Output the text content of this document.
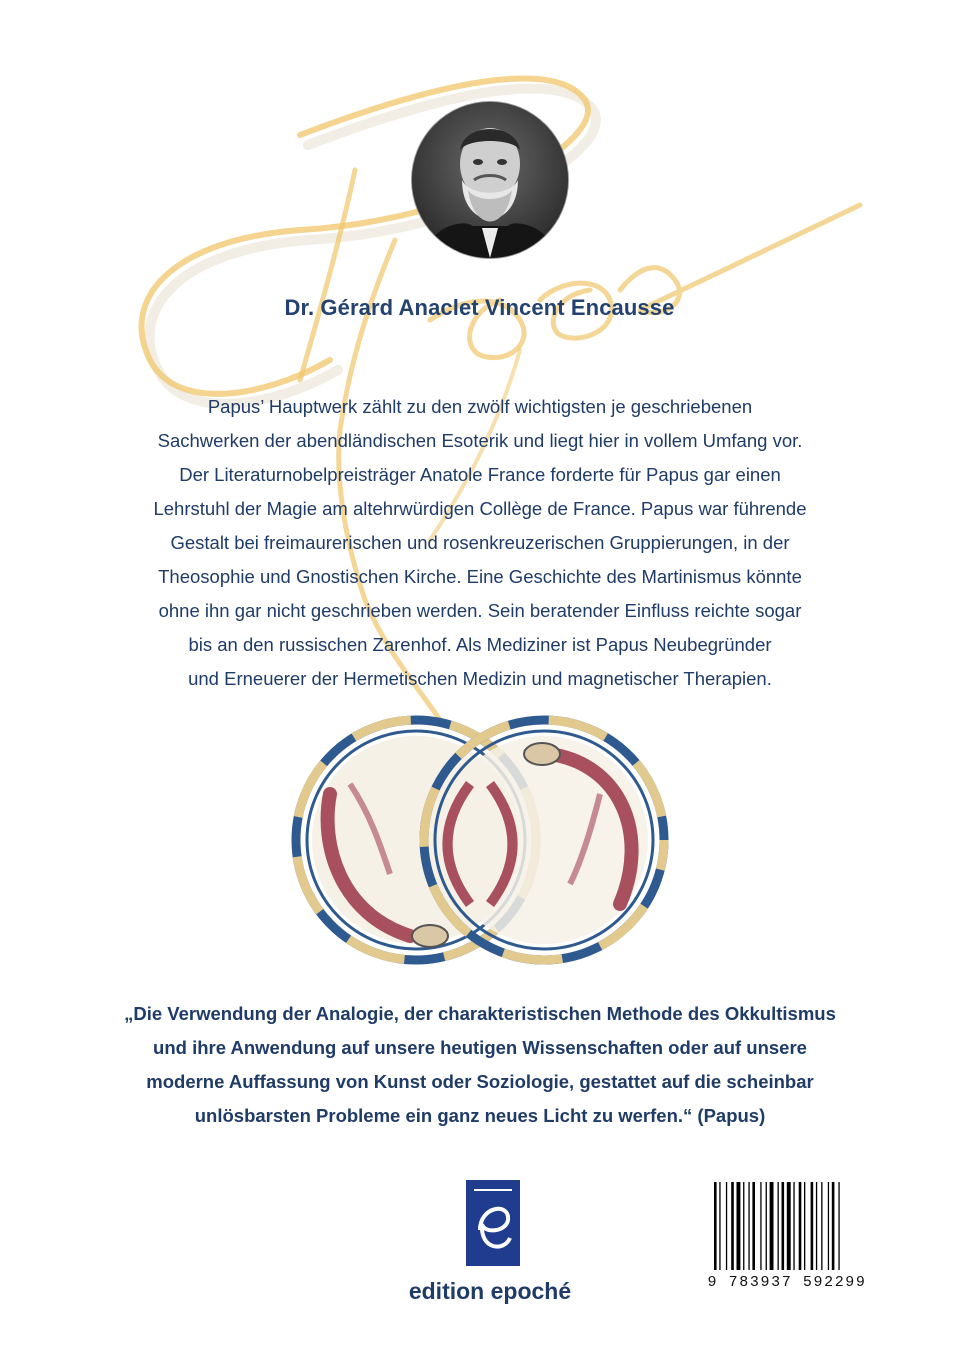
Dr. Gérard Anaclet Vincent Encausse

Papus’ Hauptwerk zählt zu den zwölf wichtigsten je geschriebenen

Sachwerken der abendländischen Esoterik und liegt hier in vollem Umfang vor.

Der Literaturnobelpreisträger Anatole France forderte für Papus gar einen

Lehrstuhl der Magie am altehrwürdigen Collège de France. Papus war führende

Gestalt bei freimaurerischen und rosenkreuzerischen Gruppierungen, in der

Theosophie und Gnostischen Kirche. Eine Geschichte des Martinismus könnte

ohne ihn gar nicht geschrieben werden. Sein beratender Einfluss reichte sogar

bis an den russischen Zarenhof. Als Mediziner ist Papus Neubegründer

und Erneuerer der Hermetischen Medizin und magnetischer Therapien.

„Die Verwendung der Analogie, der charakteristischen Methode des Okkultismus

und ihre Anwendung auf unsere heutigen Wissenschaften oder auf unsere

moderne Auffassung von Kunst oder Soziologie, gestattet auf die scheinbar

unlösbarsten Probleme ein ganz neues Licht zu werfen.“ (Papus)

edition epoché	9 783937 592299
